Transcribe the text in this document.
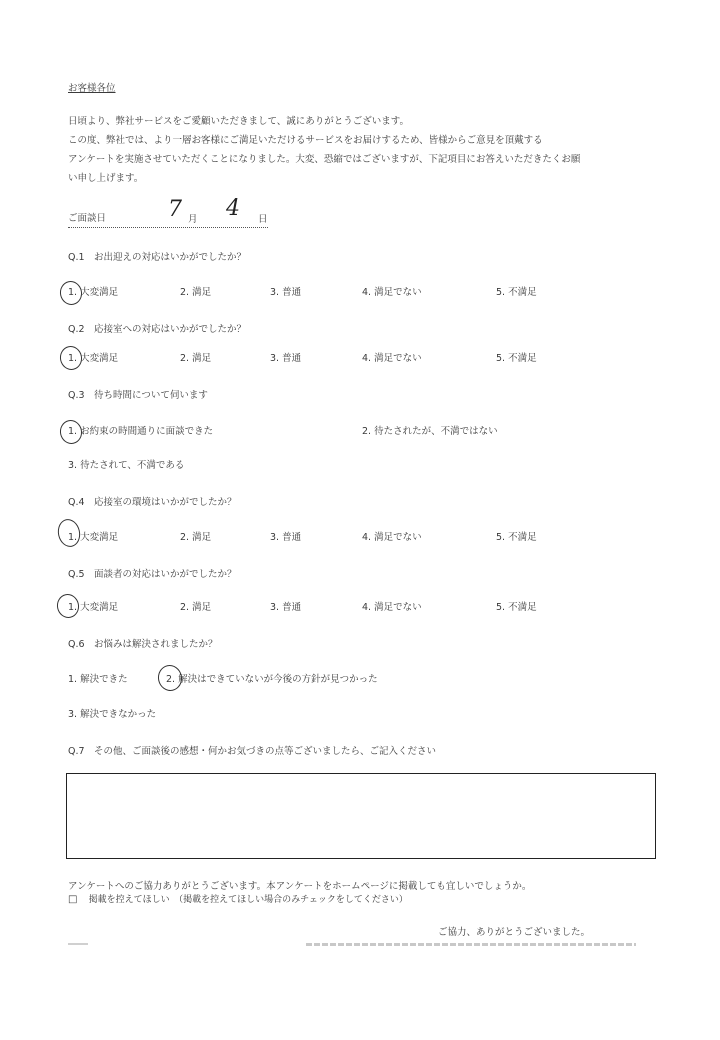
お客様各位
日頃より、弊社サービスをご愛顧いただきまして、誠にありがとうございます。
この度、弊社では、より一層お客様にご満足いただけるサービスをお届けするため、皆様からご意見を頂戴する
アンケートを実施させていただくことになりました。大変、恐縮ではございますが、下記項目にお答えいただきたくお願
い申し上げます。
ご面談日	7 月 4 日
Q.1　お出迎えの対応はいかがでしたか？
1. 大変満足	2. 満足	3. 普通	4. 満足でない	5. 不満足
Q.2　応接室への対応はいかがでしたか？
1. 大変満足	2. 満足	3. 普通	4. 満足でない	5. 不満足
Q.3　待ち時間について伺います
1. お約束の時間通りに面談できた	2. 待たされたが、不満ではない
3. 待たされて、不満である
Q.4　応接室の環境はいかがでしたか？
1. 大変満足	2. 満足	3. 普通	4. 満足でない	5. 不満足
Q.5　面談者の対応はいかがでしたか？
1. 大変満足	2. 満足	3. 普通	4. 満足でない	5. 不満足
Q.6　お悩みは解決されましたか？
1. 解決できた	2. 解決はできていないが今後の方針が見つかった
3. 解決できなかった
Q.7　その他、ご面談後の感想・何かお気づきの点等ございましたら、ご記入ください
アンケートへのご協力ありがとうございます。本アンケートをホームページに掲載しても宜しいでしょうか。
□ 掲載を控えてほしい　（掲載を控えてほしい場合のみチェックをしてください）
ご協力、ありがとうございました。
